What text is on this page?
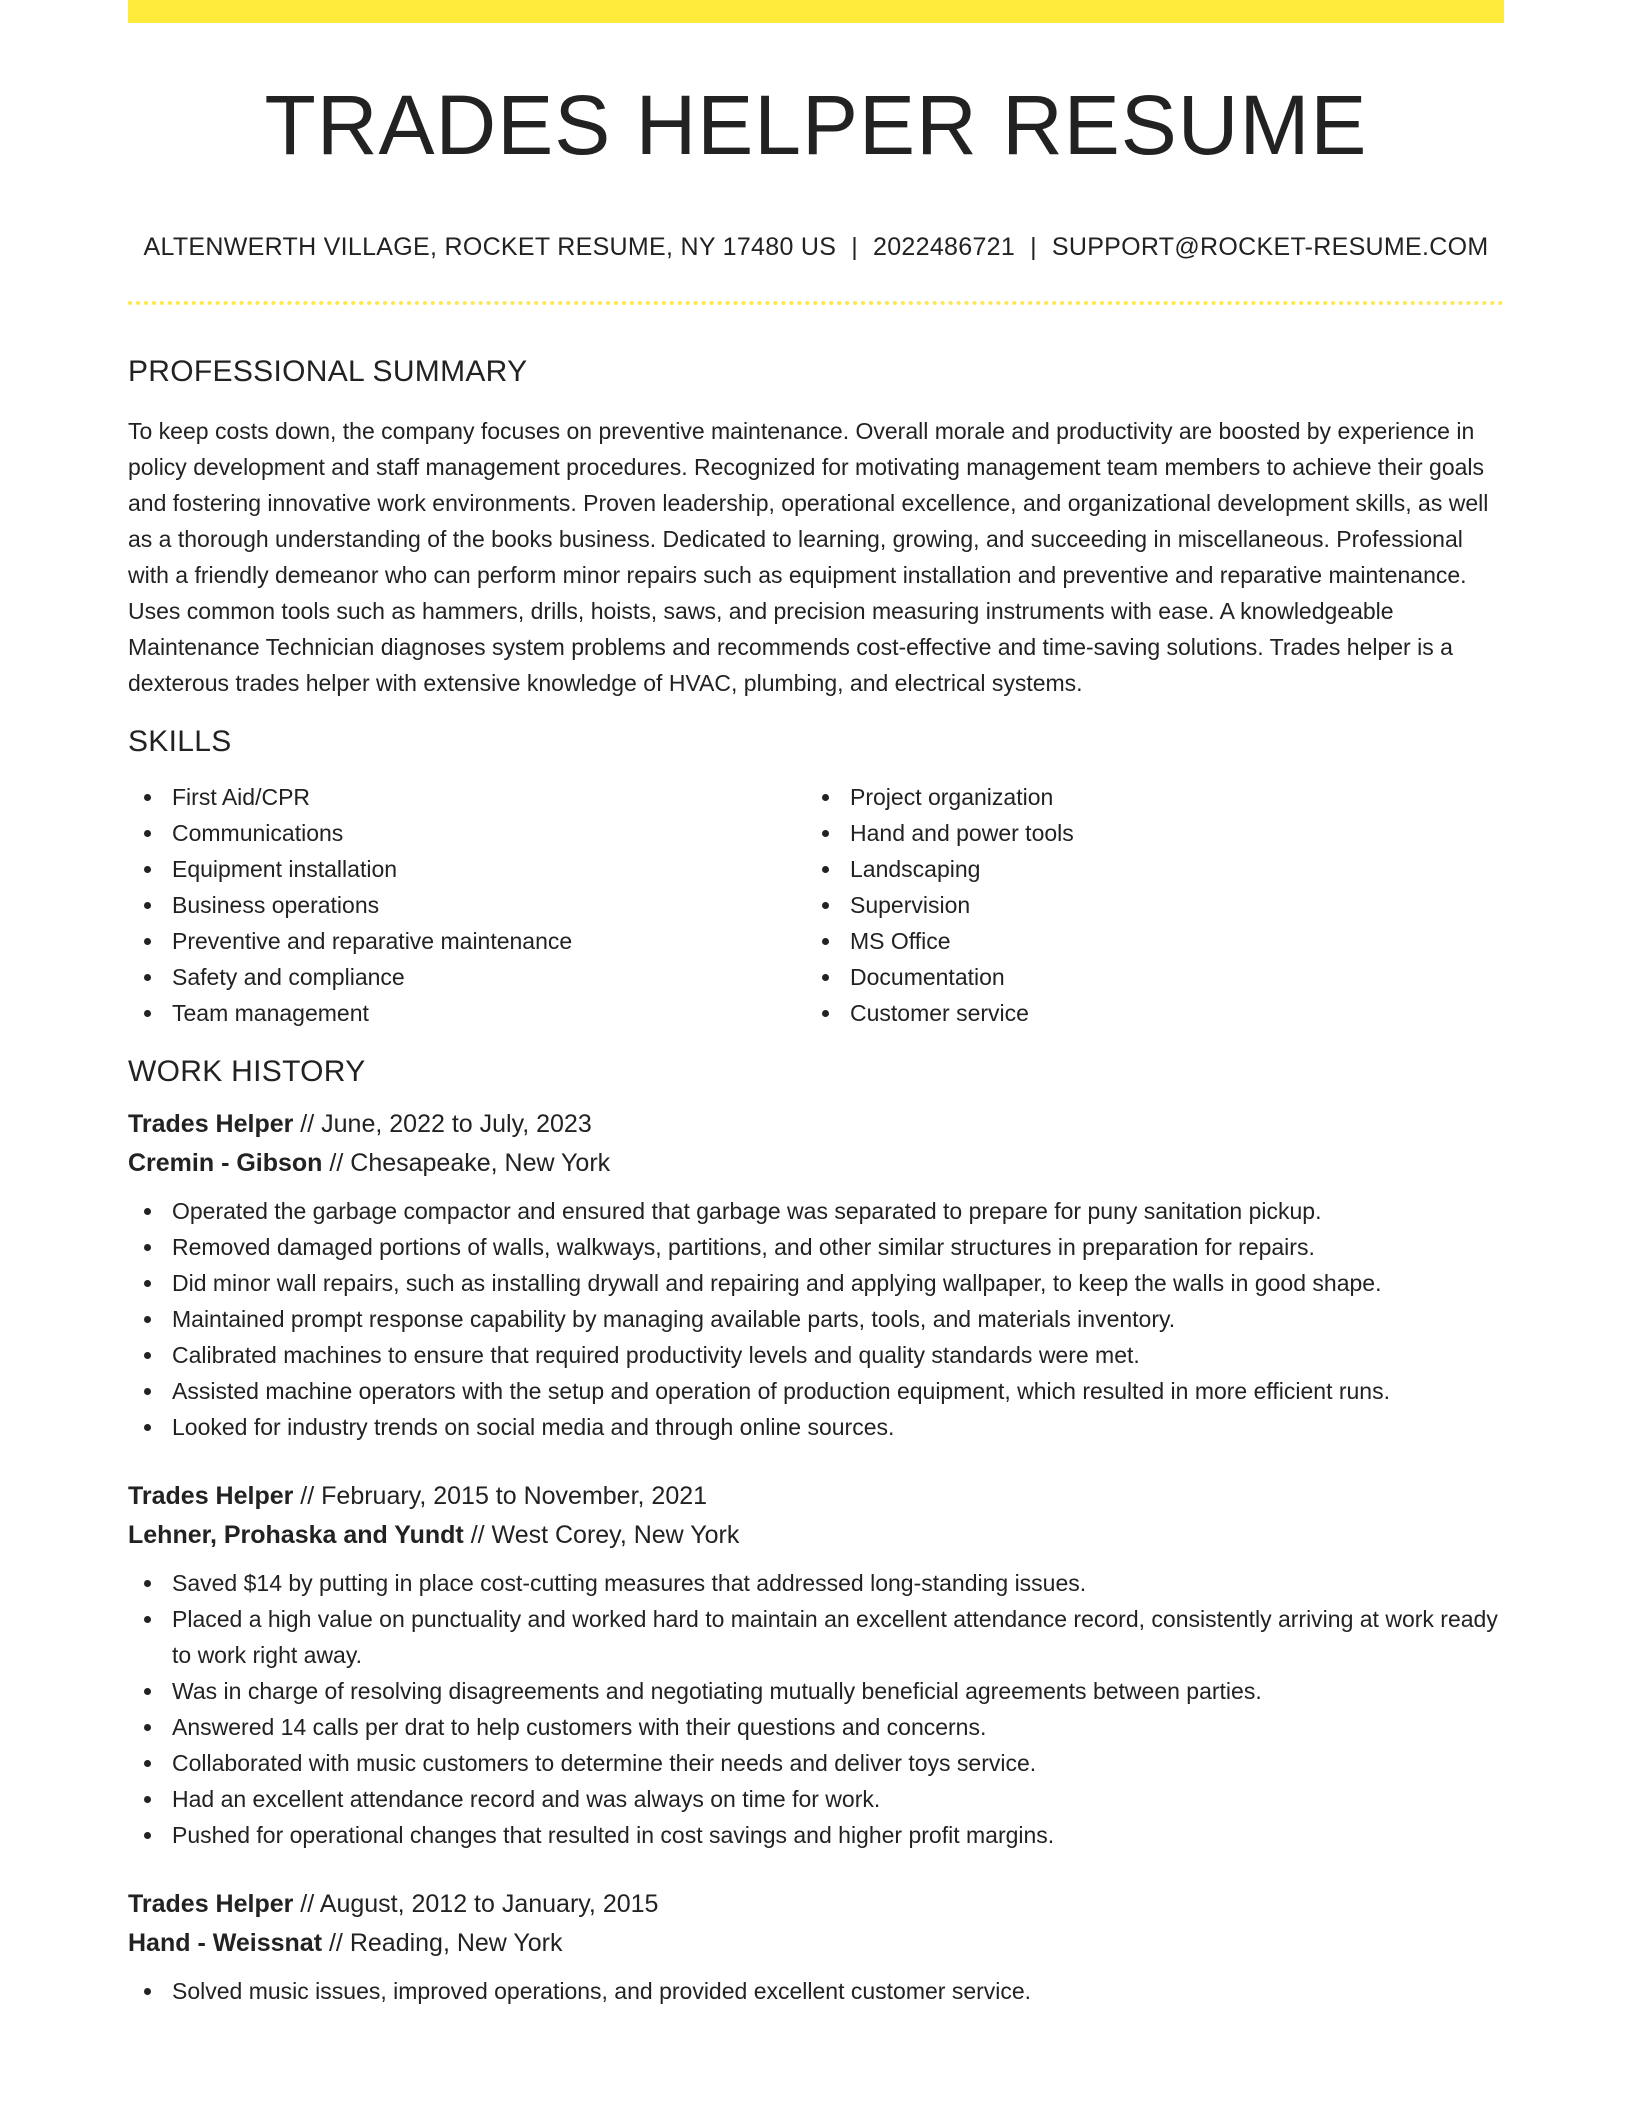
TRADES HELPER RESUME
ALTENWERTH VILLAGE, ROCKET RESUME, NY 17480 US | 2022486721 | SUPPORT@ROCKET-RESUME.COM
PROFESSIONAL SUMMARY

To keep costs down, the company focuses on preventive maintenance. Overall morale and productivity are boosted by experience in policy development and staff management procedures. Recognized for motivating management team members to achieve their goals and fostering innovative work environments. Proven leadership, operational excellence, and organizational development skills, as well as a thorough understanding of the books business. Dedicated to learning, growing, and succeeding in miscellaneous. Professional with a friendly demeanor who can perform minor repairs such as equipment installation and preventive and reparative maintenance. Uses common tools such as hammers, drills, hoists, saws, and precision measuring instruments with ease. A knowledgeable Maintenance Technician diagnoses system problems and recommends cost-effective and time-saving solutions. Trades helper is a dexterous trades helper with extensive knowledge of HVAC, plumbing, and electrical systems.

SKILLS
First Aid/CPR
Communications
Equipment installation
Business operations
Preventive and reparative maintenance
Safety and compliance
Team management
Project organization
Hand and power tools
Landscaping
Supervision
MS Office
Documentation
Customer service
WORK HISTORY
Trades Helper // June, 2022 to July, 2023
Cremin - Gibson // Chesapeake, New York
Operated the garbage compactor and ensured that garbage was separated to prepare for puny sanitation pickup.
Removed damaged portions of walls, walkways, partitions, and other similar structures in preparation for repairs.
Did minor wall repairs, such as installing drywall and repairing and applying wallpaper, to keep the walls in good shape.
Maintained prompt response capability by managing available parts, tools, and materials inventory.
Calibrated machines to ensure that required productivity levels and quality standards were met.
Assisted machine operators with the setup and operation of production equipment, which resulted in more efficient runs.
Looked for industry trends on social media and through online sources.
Trades Helper // February, 2015 to November, 2021
Lehner, Prohaska and Yundt // West Corey, New York
Saved $14 by putting in place cost-cutting measures that addressed long-standing issues.
Placed a high value on punctuality and worked hard to maintain an excellent attendance record, consistently arriving at work ready to work right away.
Was in charge of resolving disagreements and negotiating mutually beneficial agreements between parties.
Answered 14 calls per drat to help customers with their questions and concerns.
Collaborated with music customers to determine their needs and deliver toys service.
Had an excellent attendance record and was always on time for work.
Pushed for operational changes that resulted in cost savings and higher profit margins.
Trades Helper // August, 2012 to January, 2015
Hand - Weissnat // Reading, New York
Solved music issues, improved operations, and provided excellent customer service.
